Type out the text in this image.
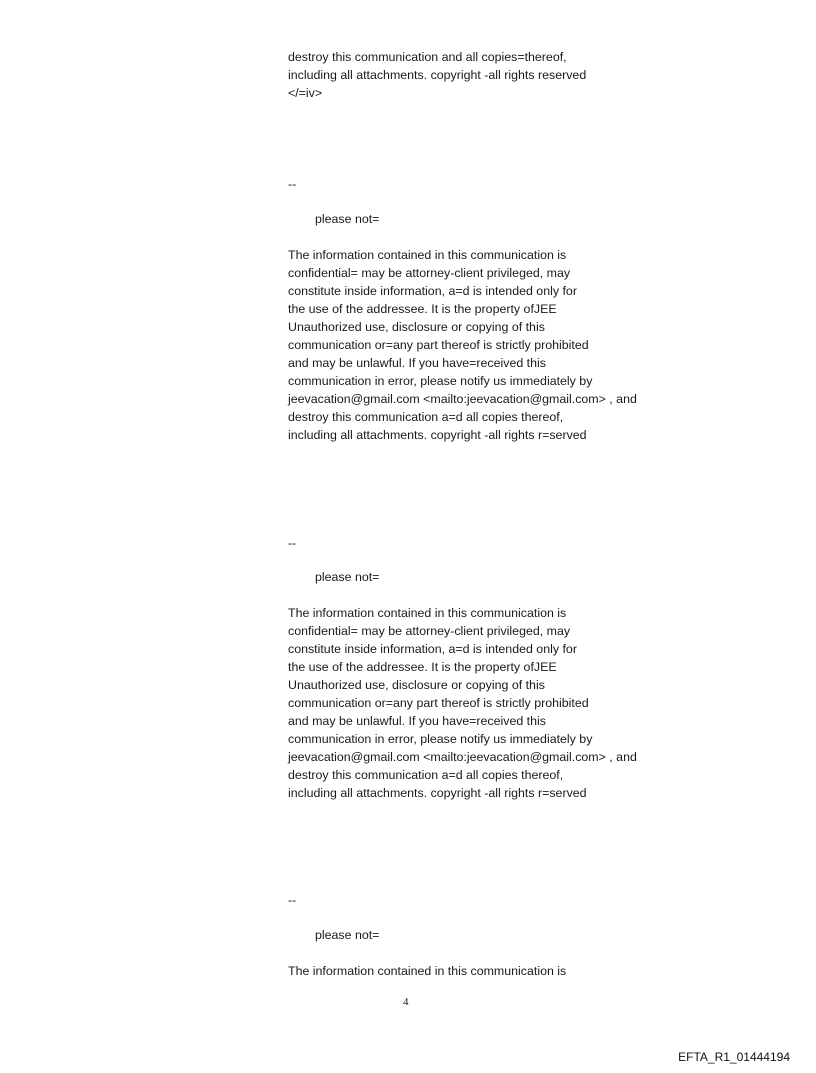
destroy this communication and all copies=thereof,
including all attachments. copyright -all rights reserved
</=iv>
--
please not=
The information contained in this communication is
confidential= may be attorney-client privileged, may
constitute inside information, a=d is intended only for
the use of the addressee. It is the property ofJEE
Unauthorized use, disclosure or copying of this
communication or=any part thereof is strictly prohibited
and may be unlawful. If you have=received this
communication in error, please notify us immediately by
jeevacation@gmail.com <mailto:jeevacation@gmail.com> , and
destroy this communication a=d all copies thereof,
including all attachments. copyright -all rights r=served
--
please not=
The information contained in this communication is
confidential= may be attorney-client privileged, may
constitute inside information, a=d is intended only for
the use of the addressee. It is the property ofJEE
Unauthorized use, disclosure or copying of this
communication or=any part thereof is strictly prohibited
and may be unlawful. If you have=received this
communication in error, please notify us immediately by
jeevacation@gmail.com <mailto:jeevacation@gmail.com> , and
destroy this communication a=d all copies thereof,
including all attachments. copyright -all rights r=served
--
please not=
The information contained in this communication is
4
EFTA_R1_01444194
